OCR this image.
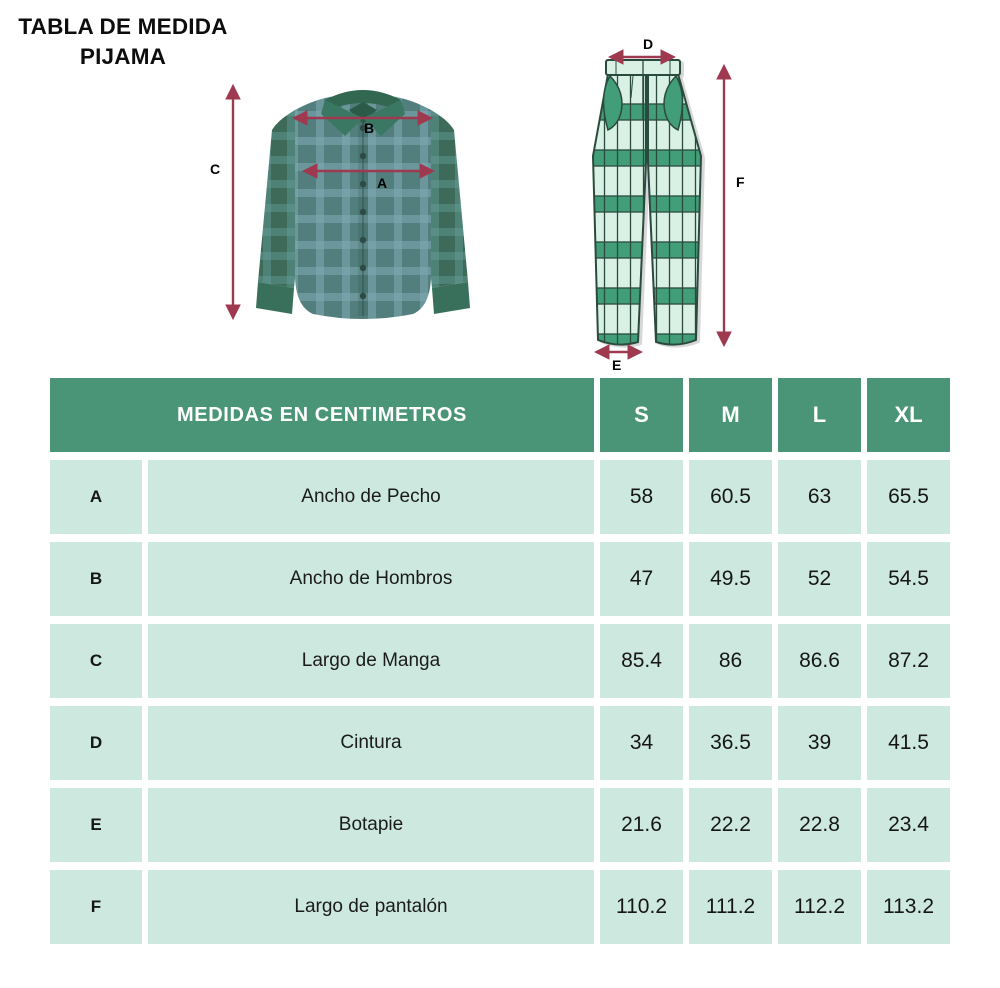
TABLA DE MEDIDA
PIJAMA
A
B
C
D
E
F
MEDIDAS EN CENTIMETROS	S	M	L	XL
A	Ancho de Pecho	58	60.5	63	65.5
B	Ancho de Hombros	47	49.5	52	54.5
C	Largo de Manga	85.4	86	86.6	87.2
D	Cintura	34	36.5	39	41.5
E	Botapie	21.6	22.2	22.8	23.4
F	Largo de pantalón	110.2	111.2	112.2	113.2
